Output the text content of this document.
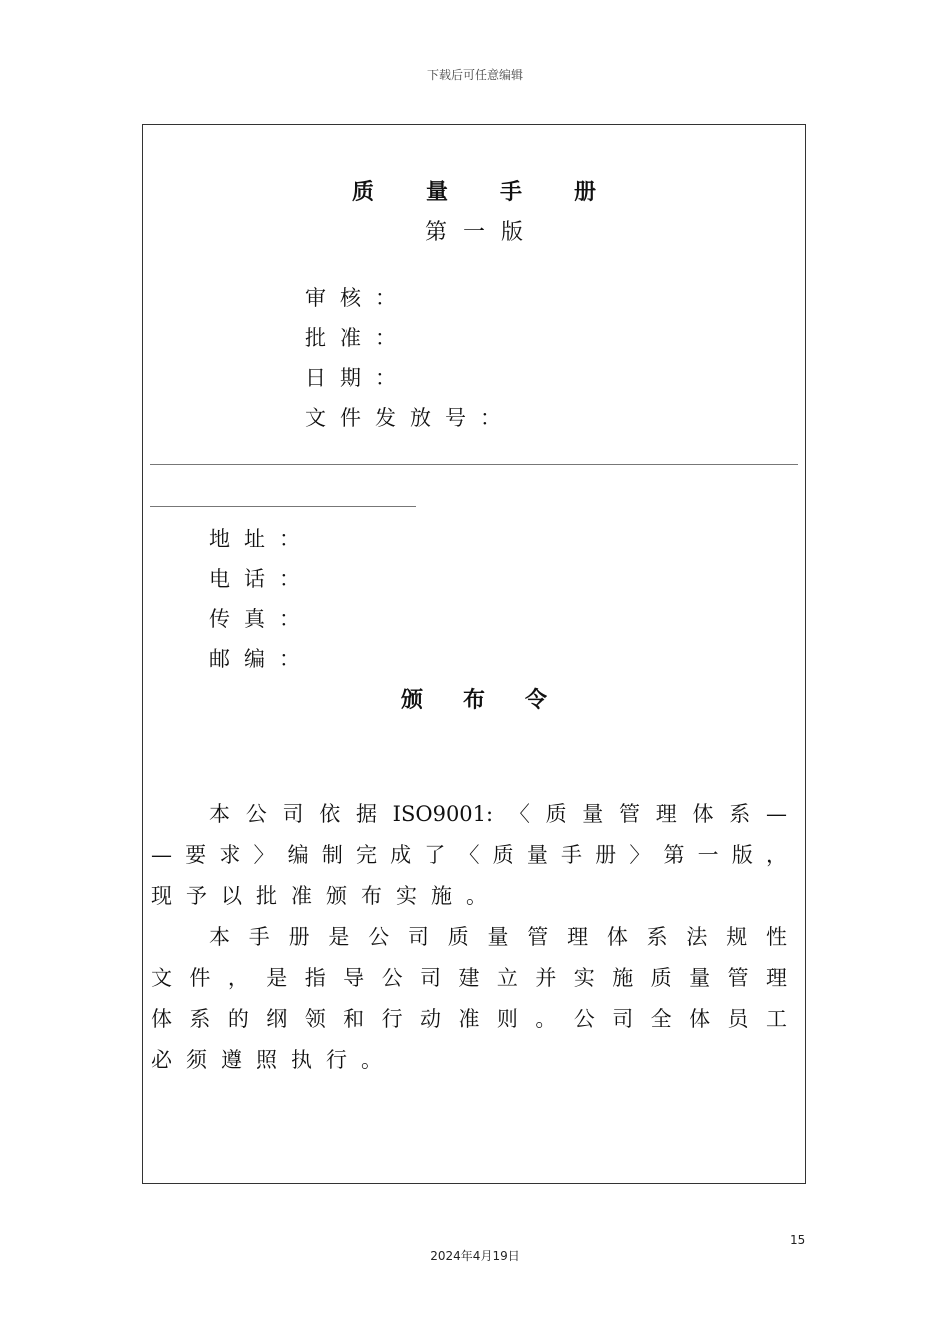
下载后可任意编辑
质量手册
第一版
审核：
批准：
日期：
文件发放号：
地址：
电话：
传真：
邮编：
颁布令
本公司依据ISO9001:〈质量管理体系—
—要求〉编制完成了〈质量手册〉第一版，
现予以批准颁布实施。
本手册是公司质量管理体系法规性
文件，是指导公司建立并实施质量管理
体系的纲领和行动准则。公司全体员工
必须遵照执行。
15
2024年4月19日
